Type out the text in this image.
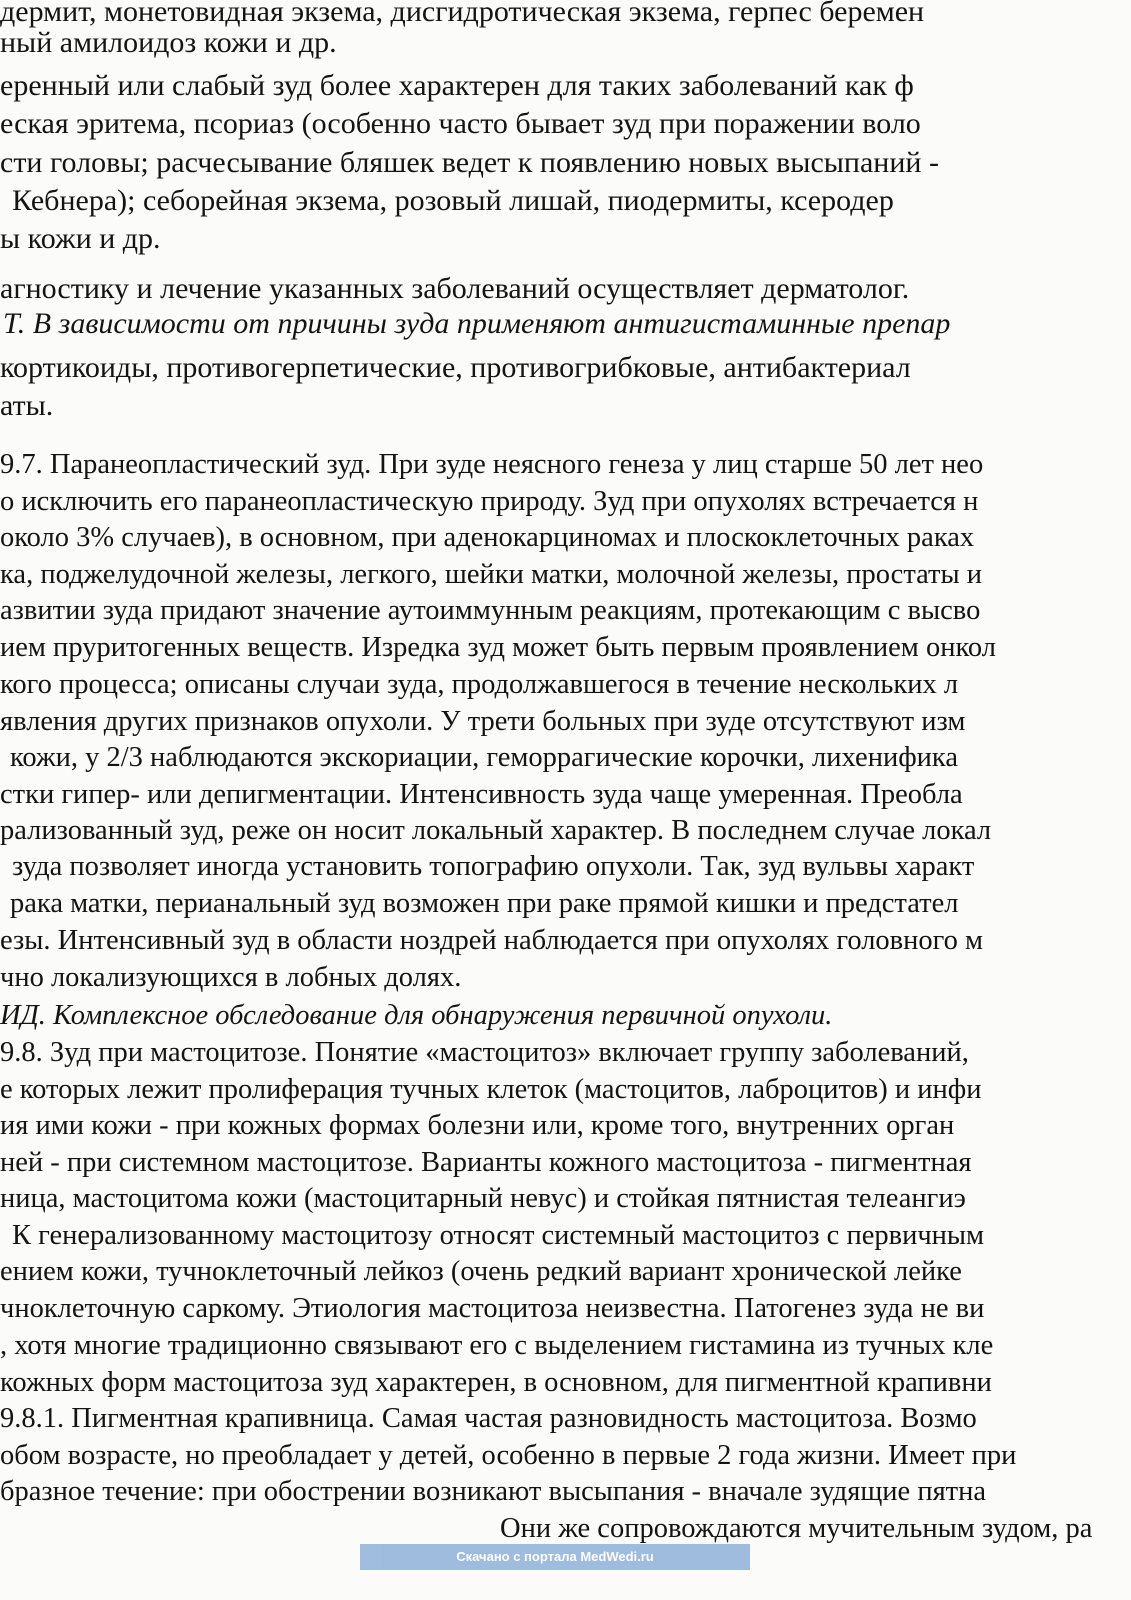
дермит, монетовидная экзема, дисгидротическая экзема, герпес беремен
ный амилоидоз кожи и др.
еренный или слабый зуд более характерен для таких заболеваний как ф
еская эритема, псориаз (особенно часто бывает зуд при поражении воло
сти головы; расчесывание бляшек ведет к появлению новых высыпаний -
Кебнера); себорейная экзема, розовый лишай, пиодермиты, ксеродер
ы кожи и др.
агностику и лечение указанных заболеваний осуществляет дерматолог.
Т. В зависимости от причины зуда применяют антигистаминные препар
кортикоиды, противогерпетические, противогрибковые, антибактериал
аты.
9.7. Паранеопластический зуд. При зуде неясного генеза у лиц старше 50 лет нео
о исключить его паранеопластическую природу. Зуд при опухолях встречается н
около 3% случаев), в основном, при аденокарциномах и плоскоклеточных раках
ка, поджелудочной железы, легкого, шейки матки, молочной железы, простаты и
азвитии зуда придают значение аутоиммунным реакциям, протекающим с высво
ием пруритогенных веществ. Изредка зуд может быть первым проявлением онкол
кого процесса; описаны случаи зуда, продолжавшегося в течение нескольких л
явления других признаков опухоли. У трети больных при зуде отсутствуют изм
кожи, у 2/3 наблюдаются экскориации, геморрагические корочки, лихенифика
стки гипер- или депигментации. Интенсивность зуда чаще умеренная. Преобла
рализованный зуд, реже он носит локальный характер. В последнем случае локал
зуда позволяет иногда установить топографию опухоли. Так, зуд вульвы характ
рака матки, перианальный зуд возможен при раке прямой кишки и предстател
езы. Интенсивный зуд в области ноздрей наблюдается при опухолях головного м
чно локализующихся в лобных долях.
ИД. Комплексное обследование для обнаружения первичной опухоли.
9.8. Зуд при мастоцитозе. Понятие «мастоцитоз» включает группу заболеваний,
е которых лежит пролиферация тучных клеток (мастоцитов, лаброцитов) и инфи
ия ими кожи - при кожных формах болезни или, кроме того, внутренних орган
ней - при системном мастоцитозе. Варианты кожного мастоцитоза - пигментная
ница, мастоцитома кожи (мастоцитарный невус) и стойкая пятнистая телеангиэ
К генерализованному мастоцитозу относят системный мастоцитоз с первичным
ением кожи, тучноклеточный лейкоз (очень редкий вариант хронической лейке
чноклеточную саркому. Этиология мастоцитоза неизвестна. Патогенез зуда не ви
, хотя многие традиционно связывают его с выделением гистамина из тучных кле
кожных форм мастоцитоза зуд характерен, в основном, для пигментной крапивни
9.8.1. Пигментная крапивница. Самая частая разновидность мастоцитоза. Возмо
обом возрасте, но преобладает у детей, особенно в первые 2 года жизни. Имеет при
бразное течение: при обострении возникают высыпания - вначале зудящие пятна
Они же сопровождаются мучительным зудом, ра
Скачано с портала MedWedi.ru
